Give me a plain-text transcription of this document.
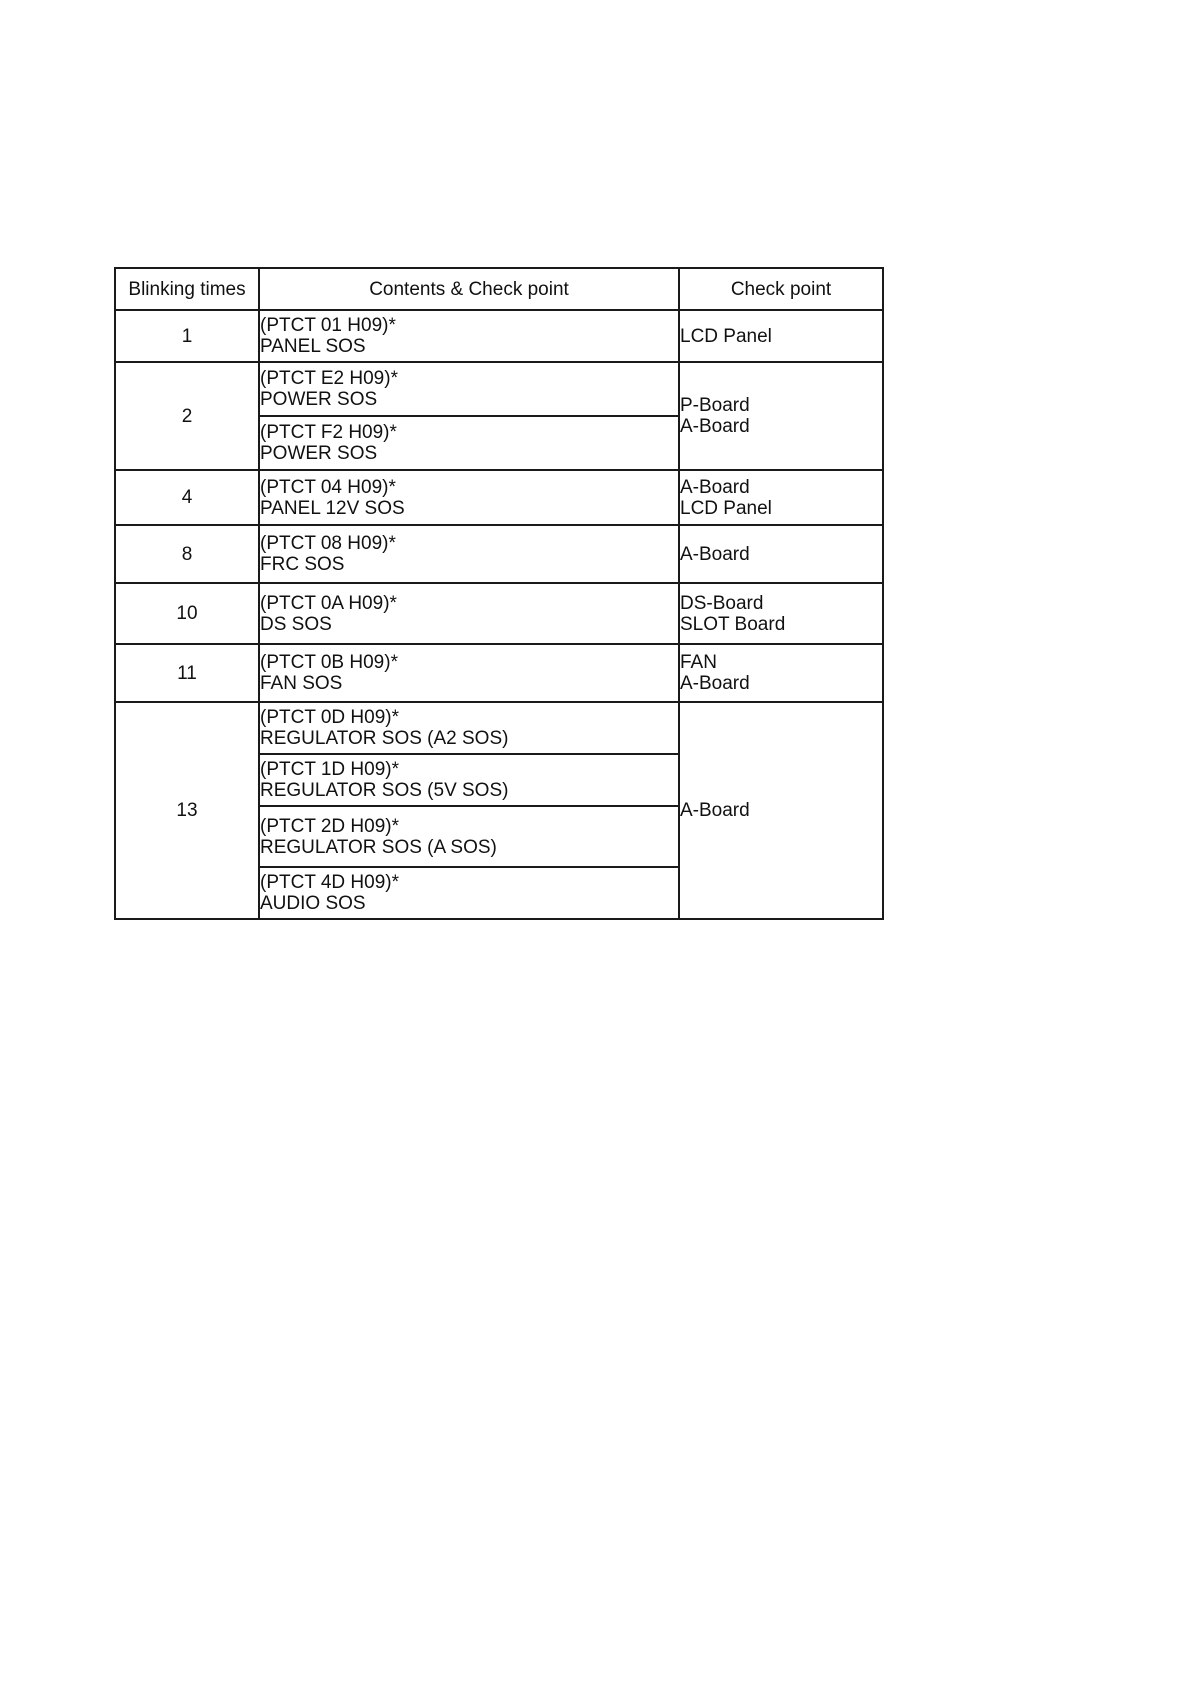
Blinking times	Contents & Check point	Check point
1	(PTCT 01 H09)*
PANEL SOS	LCD Panel

2	(PTCT E2 H09)*
POWER SOS	P-Board
A-Board

	(PTCT F2 H09)*
POWER SOS	

4	(PTCT 04 H09)*
PANEL 12V SOS	A-Board
LCD Panel

8	(PTCT 08 H09)*
FRC SOS	A-Board

10	(PTCT 0A H09)*
DS SOS	DS-Board
SLOT Board

11	(PTCT 0B H09)*
FAN SOS	FAN
A-Board

13	(PTCT 0D H09)*
REGULATOR SOS (A2 SOS)	A-Board

	(PTCT 1D H09)*
REGULATOR SOS (5V SOS)	

	(PTCT 2D H09)*
REGULATOR SOS (A SOS)	

	(PTCT 4D H09)*
AUDIO SOS	
